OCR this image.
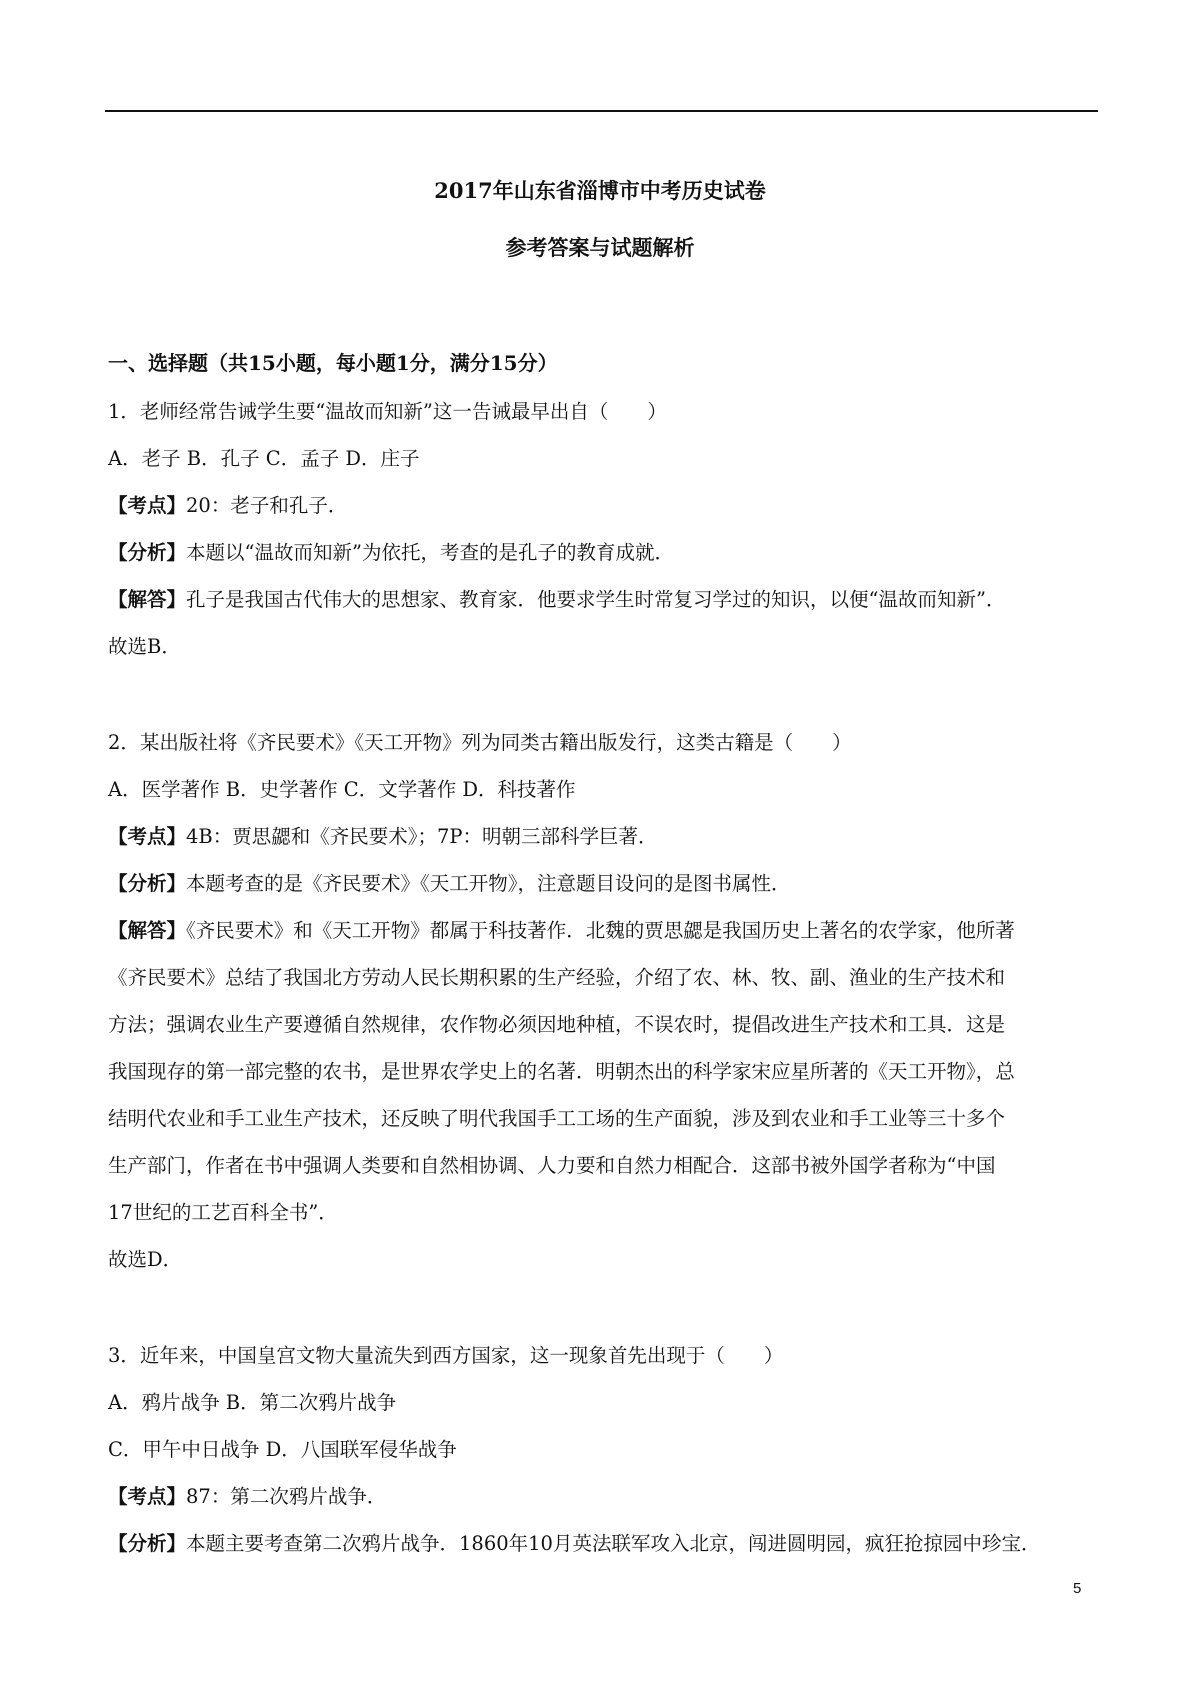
2017年山东省淄博市中考历史试卷
参考答案与试题解析
一、选择题（共15小题，每小题1分，满分15分）
1．老师经常告诫学生要“温故而知新”这一告诫最早出自（　　）
A．老子 B．孔子 C．孟子 D．庄子
【考点】20：老子和孔子．
【分析】本题以“温故而知新”为依托，考查的是孔子的教育成就．
【解答】孔子是我国古代伟大的思想家、教育家．他要求学生时常复习学过的知识，以便“温故而知新”．
故选B．
2．某出版社将《齐民要术》《天工开物》列为同类古籍出版发行，这类古籍是（　　）
A．医学著作 B．史学著作 C．文学著作 D．科技著作
【考点】4B：贾思勰和《齐民要术》；7P：明朝三部科学巨著．
【分析】本题考查的是《齐民要术》《天工开物》，注意题目设问的是图书属性．
【解答】《齐民要术》和《天工开物》都属于科技著作．北魏的贾思勰是我国历史上著名的农学家，他所著
《齐民要术》总结了我国北方劳动人民长期积累的生产经验，介绍了农、林、牧、副、渔业的生产技术和
方法；强调农业生产要遵循自然规律，农作物必须因地种植，不误农时，提倡改进生产技术和工具．这是
我国现存的第一部完整的农书，是世界农学史上的名著．明朝杰出的科学家宋应星所著的《天工开物》，总
结明代农业和手工业生产技术，还反映了明代我国手工工场的生产面貌，涉及到农业和手工业等三十多个
生产部门，作者在书中强调人类要和自然相协调、人力要和自然力相配合．这部书被外国学者称为“中国
17世纪的工艺百科全书”．
故选D．
3．近年来，中国皇宫文物大量流失到西方国家，这一现象首先出现于（　　）
A．鸦片战争 B．第二次鸦片战争
C．甲午中日战争 D．八国联军侵华战争
【考点】87：第二次鸦片战争．
【分析】本题主要考查第二次鸦片战争．1860年10月英法联军攻入北京，闯进圆明园，疯狂抢掠园中珍宝．
5
